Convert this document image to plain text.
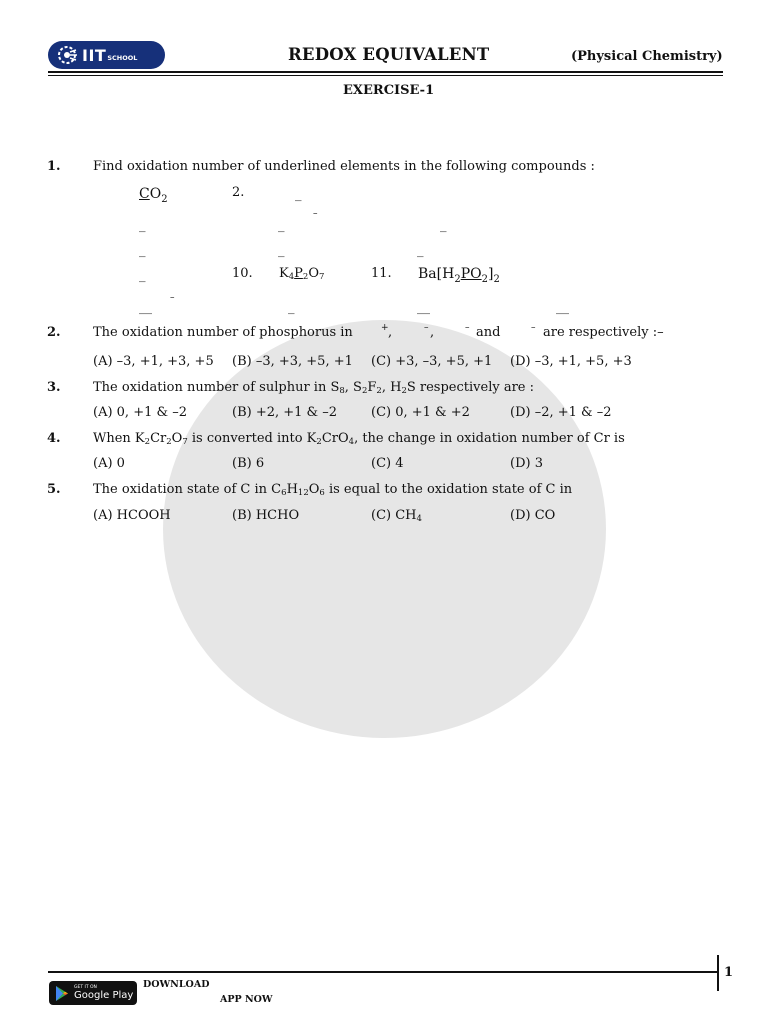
IIT SCHOOL	REDOX EQUIVALENT	(Physical Chemistry)
EXERCISE-1
1. Find oxidation number of underlined elements in the following compounds :
$CO_2$	2.	_
–
_	_	_
_	_	_
_	10. $K_4P_2O_7$	11. $Ba[H_2PO_2]_2$
–
__	_	__	__
2. The oxidation number of phosphorus in	+ ,	– ,	– and	– are respectively :–
(A) –3, +1, +3, +5 (B) –3, +3, +5, +1 (C) +3, –3, +5, +1 (D) –3, +1, +5, +3
3. The oxidation number of sulphur in $S_8$, $S_2F_2$, $H_2S$ respectively are :
(A) 0, +1 & –2	(B) +2, +1 & –2	(C) 0, +1 & +2	(D) –2, +1 & –2
4. When $K_2Cr_2O_7$ is converted into $K_2CrO_4$, the change in oxidation number of Cr is
(A) 0	(B) 6	(C) 4	(D) 3
5. The oxidation state of C in $C_6H_{12}O_6$ is equal to the oxidation state of C in
(A) HCOOH	(B) HCHO	(C) $CH_4$	(D) CO
1
GET IT ON
Google Play
DOWNLOAD
APP NOW
